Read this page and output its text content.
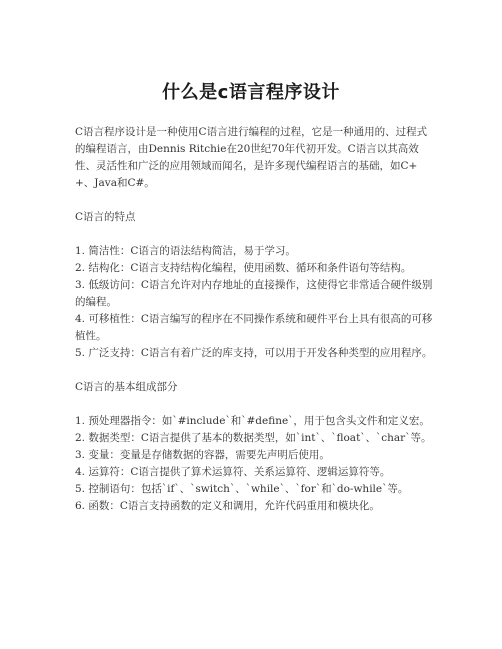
什么是c语言程序设计

C语言程序设计是一种使用C语言进行编程的过程，它是一种通用的、过程式的编程语言，由Dennis Ritchie在20世纪70年代初开发。C语言以其高效性、灵活性和广泛的应用领域而闻名，是许多现代编程语言的基础，如C++、Java和C#。

C语言的特点

1. 简洁性：C语言的语法结构简洁，易于学习。
2. 结构化：C语言支持结构化编程，使用函数、循环和条件语句等结构。
3. 低级访问：C语言允许对内存地址的直接操作，这使得它非常适合硬件级别的编程。
4. 可移植性：C语言编写的程序在不同操作系统和硬件平台上具有很高的可移植性。
5. 广泛支持：C语言有着广泛的库支持，可以用于开发各种类型的应用程序。

C语言的基本组成部分

1. 预处理器指令：如`#include`和`#define`，用于包含头文件和定义宏。
2. 数据类型：C语言提供了基本的数据类型，如`int`、`float`、`char`等。
3. 变量：变量是存储数据的容器，需要先声明后使用。
4. 运算符：C语言提供了算术运算符、关系运算符、逻辑运算符等。
5. 控制语句：包括`if`、`switch`、`while`、`for`和`do-while`等。
6. 函数：C语言支持函数的定义和调用，允许代码重用和模块化。
